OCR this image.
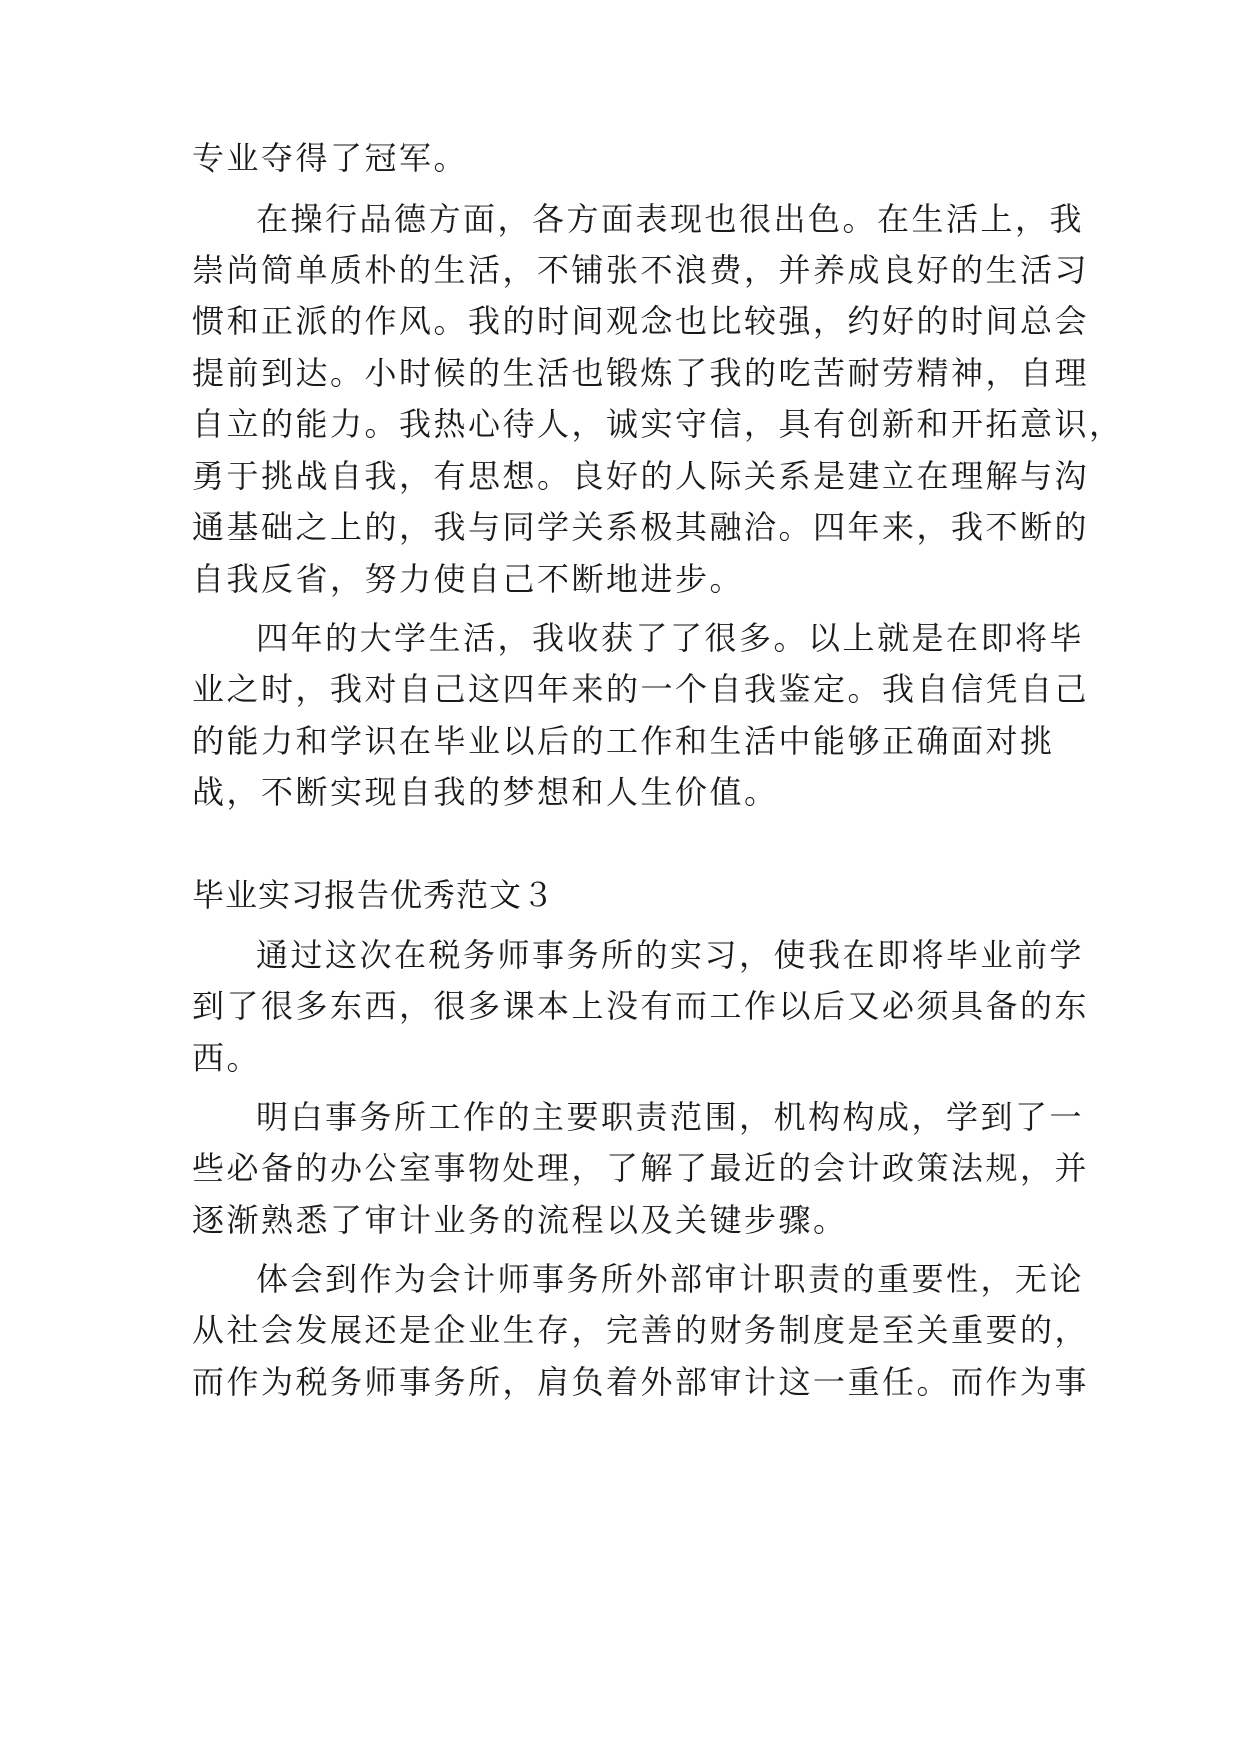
专业夺得了冠军。
在操行品德方面，各方面表现也很出色。在生活上，我
崇尚简单质朴的生活，不铺张不浪费，并养成良好的生活习
惯和正派的作风。我的时间观念也比较强，约好的时间总会
提前到达。小时候的生活也锻炼了我的吃苦耐劳精神，自理
自立的能力。我热心待人，诚实守信，具有创新和开拓意识，
勇于挑战自我，有思想。良好的人际关系是建立在理解与沟
通基础之上的，我与同学关系极其融洽。四年来，我不断的
自我反省，努力使自己不断地进步。
四年的大学生活，我收获了了很多。以上就是在即将毕
业之时，我对自己这四年来的一个自我鉴定。我自信凭自己
的能力和学识在毕业以后的工作和生活中能够正确面对挑
战，不断实现自我的梦想和人生价值。
毕业实习报告优秀范文３
通过这次在税务师事务所的实习，使我在即将毕业前学
到了很多东西，很多课本上没有而工作以后又必须具备的东
西。
明白事务所工作的主要职责范围，机构构成，学到了一
些必备的办公室事物处理，了解了最近的会计政策法规，并
逐渐熟悉了审计业务的流程以及关键步骤。
体会到作为会计师事务所外部审计职责的重要性，无论
从社会发展还是企业生存，完善的财务制度是至关重要的，
而作为税务师事务所，肩负着外部审计这一重任。而作为事
